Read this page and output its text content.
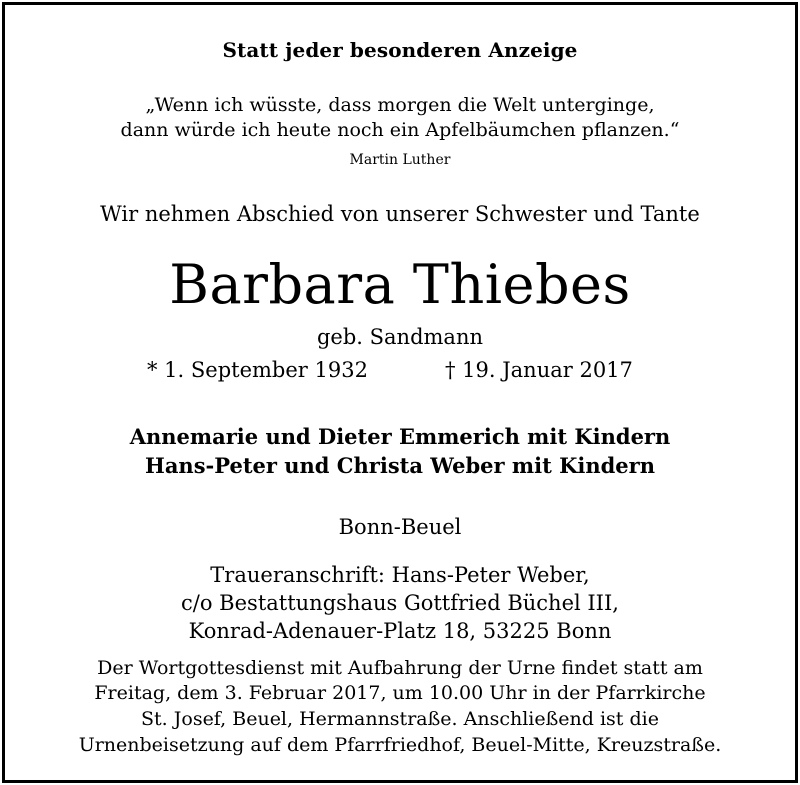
Statt jeder besonderen Anzeige
„Wenn ich wüsste, dass morgen die Welt unterginge,
dann würde ich heute noch ein Apfelbäumchen pflanzen.“
Martin Luther
Wir nehmen Abschied von unserer Schwester und Tante
Barbara Thiebes
geb. Sandmann
* 1. September 1932	† 19. Januar 2017
Annemarie und Dieter Emmerich mit Kindern
Hans-Peter und Christa Weber mit Kindern
Bonn-Beuel
Traueranschrift: Hans-Peter Weber,
c/o Bestattungshaus Gottfried Büchel III,
Konrad-Adenauer-Platz 18, 53225 Bonn
Der Wortgottesdienst mit Aufbahrung der Urne findet statt am
Freitag, dem 3. Februar 2017, um 10.00 Uhr in der Pfarrkirche
St. Josef, Beuel, Hermannstraße. Anschließend ist die
Urnenbeisetzung auf dem Pfarrfriedhof, Beuel-Mitte, Kreuzstraße.
